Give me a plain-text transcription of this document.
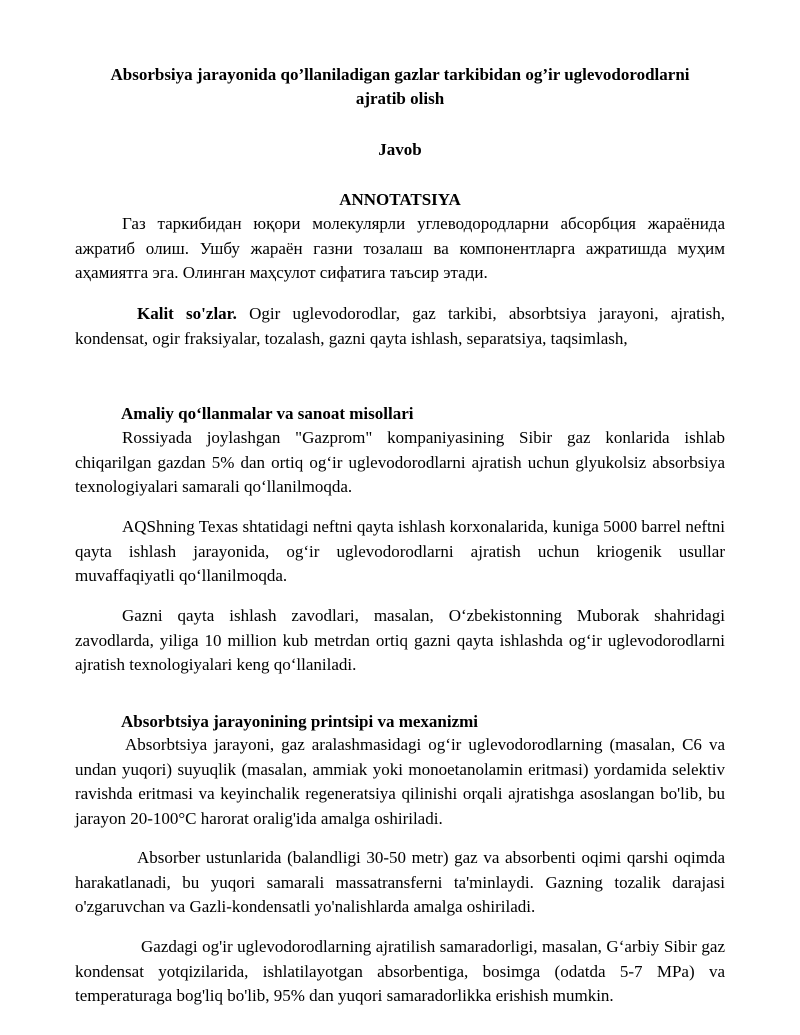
Absorbsiya jarayonida qo’llaniladigan gazlar tarkibidan og’ir uglevodorodlarni
ajratib olish
Javob
ANNOTATSIYA
Газ таркибидан юқори молекулярли углеводородларни абсорбция жараёнида ажратиб олиш. Ушбу жараён газни тозалаш ва компонентларга ажратишда муҳим аҳамиятга эга. Олинган маҳсулот сифатига таъсир этади.
Kalit so'zlar. Ogir uglevodorodlar, gaz tarkibi, absorbtsiya jarayoni, ajratish, kondensat, ogir fraksiyalar, tozalash, gazni qayta ishlash, separatsiya, taqsimlash,
Amaliy qo‘llanmalar va sanoat misollari
Rossiyada joylashgan "Gazprom" kompaniyasining Sibir gaz konlarida ishlab chiqarilgan gazdan 5% dan ortiq og‘ir uglevodorodlarni ajratish uchun glyukolsiz absorbsiya texnologiyalari samarali qo‘llanilmoqda.
AQShning Texas shtatidagi neftni qayta ishlash korxonalarida, kuniga 5000 barrel neftni qayta ishlash jarayonida, og‘ir uglevodorodlarni ajratish uchun kriogenik usullar muvaffaqiyatli qo‘llanilmoqda.
Gazni qayta ishlash zavodlari, masalan, O‘zbekistonning Muborak shahridagi zavodlarda, yiliga 10 million kub metrdan ortiq gazni qayta ishlashda og‘ir uglevodorodlarni ajratish texnologiyalari keng qo‘llaniladi.
Absorbtsiya jarayonining printsipi va mexanizmi
Absorbtsiya jarayoni, gaz aralashmasidagi og‘ir uglevodorodlarning (masalan, C6 va undan yuqori) suyuqlik (masalan, ammiak yoki monoetanolamin eritmasi) yordamida selektiv ravishda eritmasi va keyinchalik regeneratsiya qilinishi orqali ajratishga asoslangan bo'lib, bu jarayon 20-100°C harorat oralig'ida amalga oshiriladi.
Absorber ustunlarida (balandligi 30-50 metr) gaz va absorbenti oqimi qarshi oqimda harakatlanadi, bu yuqori samarali massatransferni ta'minlaydi. Gazning tozalik darajasi o'zgaruvchan va Gazli-kondensatli yo'nalishlarda amalga oshiriladi.
Gazdagi og'ir uglevodorodlarning ajratilish samaradorligi, masalan, G‘arbiy Sibir gaz kondensat yotqizilarida, ishlatilayotgan absorbentiga, bosimga (odatda 5-7 MPa) va temperaturaga bog'liq bo'lib, 95% dan yuqori samaradorlikka erishish mumkin.
